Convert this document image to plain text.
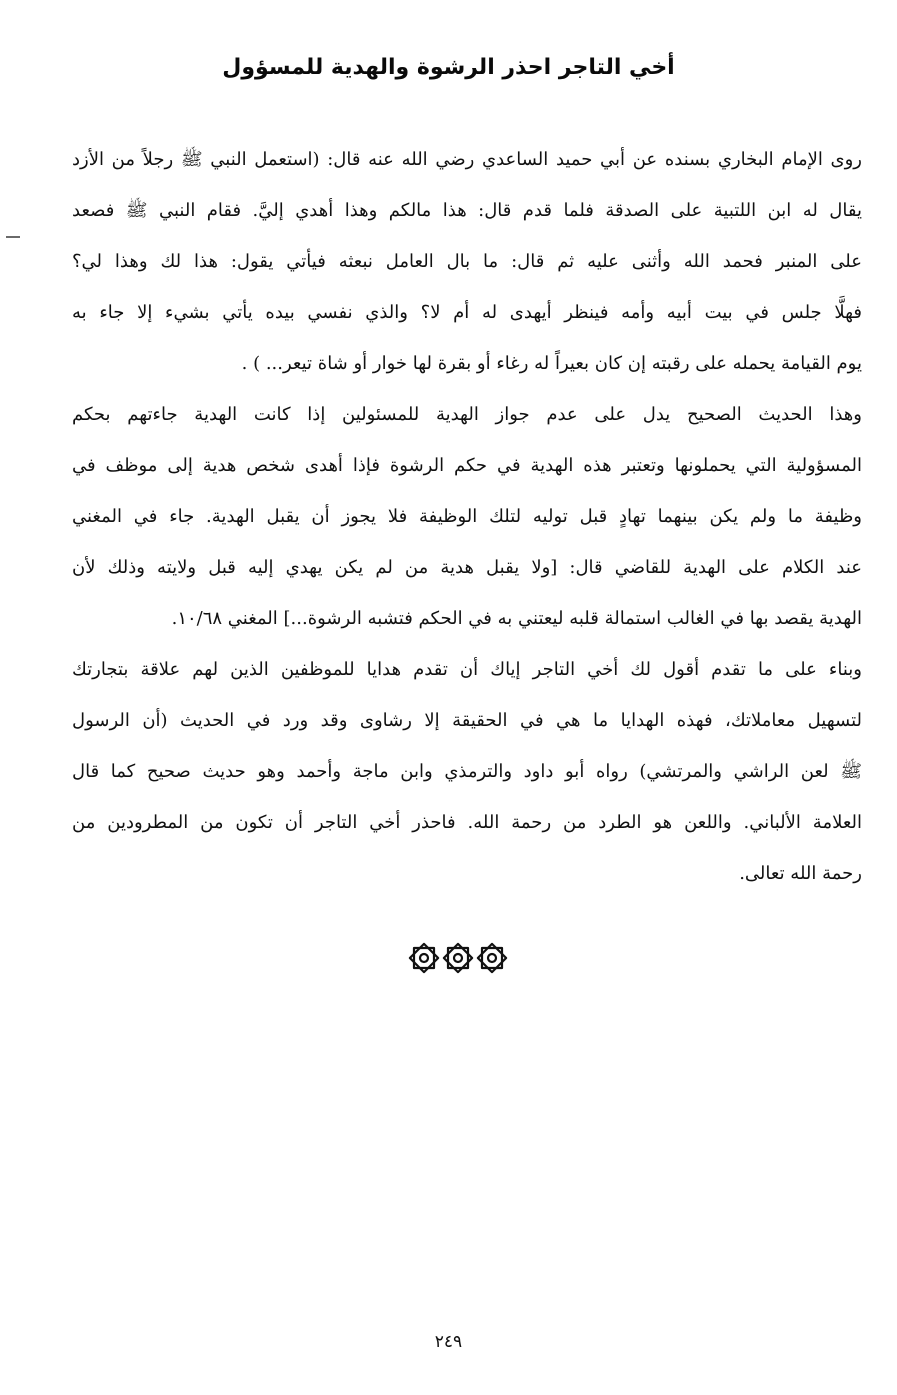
أخي التاجر احذر الرشوة والهدية للمسؤول
روى الإمام البخاري بسنده عن أبي حميد الساعدي رضي الله عنه قال: (استعمل النبي ﷺ رجلاً من الأزد
يقال له ابن اللتبية على الصدقة فلما قدم قال: هذا مالكم وهذا أهدي إليَّ. فقام النبي ﷺ فصعد
على المنبر فحمد الله وأثنى عليه ثم قال: ما بال العامل نبعثه فيأتي يقول: هذا لك وهذا لي؟
فهلَّا جلس في بيت أبيه وأمه فينظر أيهدى له أم لا؟ والذي نفسي بيده يأتي بشيء إلا جاء به
يوم القيامة يحمله على رقبته إن كان بعيراً له رغاء أو بقرة لها خوار أو شاة تيعر... ) .
وهذا الحديث الصحيح يدل على عدم جواز الهدية للمسئولين إذا كانت الهدية جاءتهم بحكم
المسؤولية التي يحملونها وتعتبر هذه الهدية في حكم الرشوة فإذا أهدى شخص هدية إلى موظف في
وظيفة ما ولم يكن بينهما تهادٍ قبل توليه لتلك الوظيفة فلا يجوز أن يقبل الهدية. جاء في المغني
عند الكلام على الهدية للقاضي قال: [ولا يقبل هدية من لم يكن يهدي إليه قبل ولايته وذلك لأن
الهدية يقصد بها في الغالب استمالة قلبه ليعتني به في الحكم فتشبه الرشوة...] المغني ١٠/٦٨.
وبناء على ما تقدم أقول لك أخي التاجر إياك أن تقدم هدايا للموظفين الذين لهم علاقة بتجارتك
لتسهيل معاملاتك، فهذه الهدايا ما هي في الحقيقة إلا رشاوى وقد ورد في الحديث (أن الرسول
ﷺ لعن الراشي والمرتشي) رواه أبو داود والترمذي وابن ماجة وأحمد وهو حديث صحيح كما قال
العلامة الألباني. واللعن هو الطرد من رحمة الله. فاحذر أخي التاجر أن تكون من المطرودين من
رحمة الله تعالى.
٢٤٩
